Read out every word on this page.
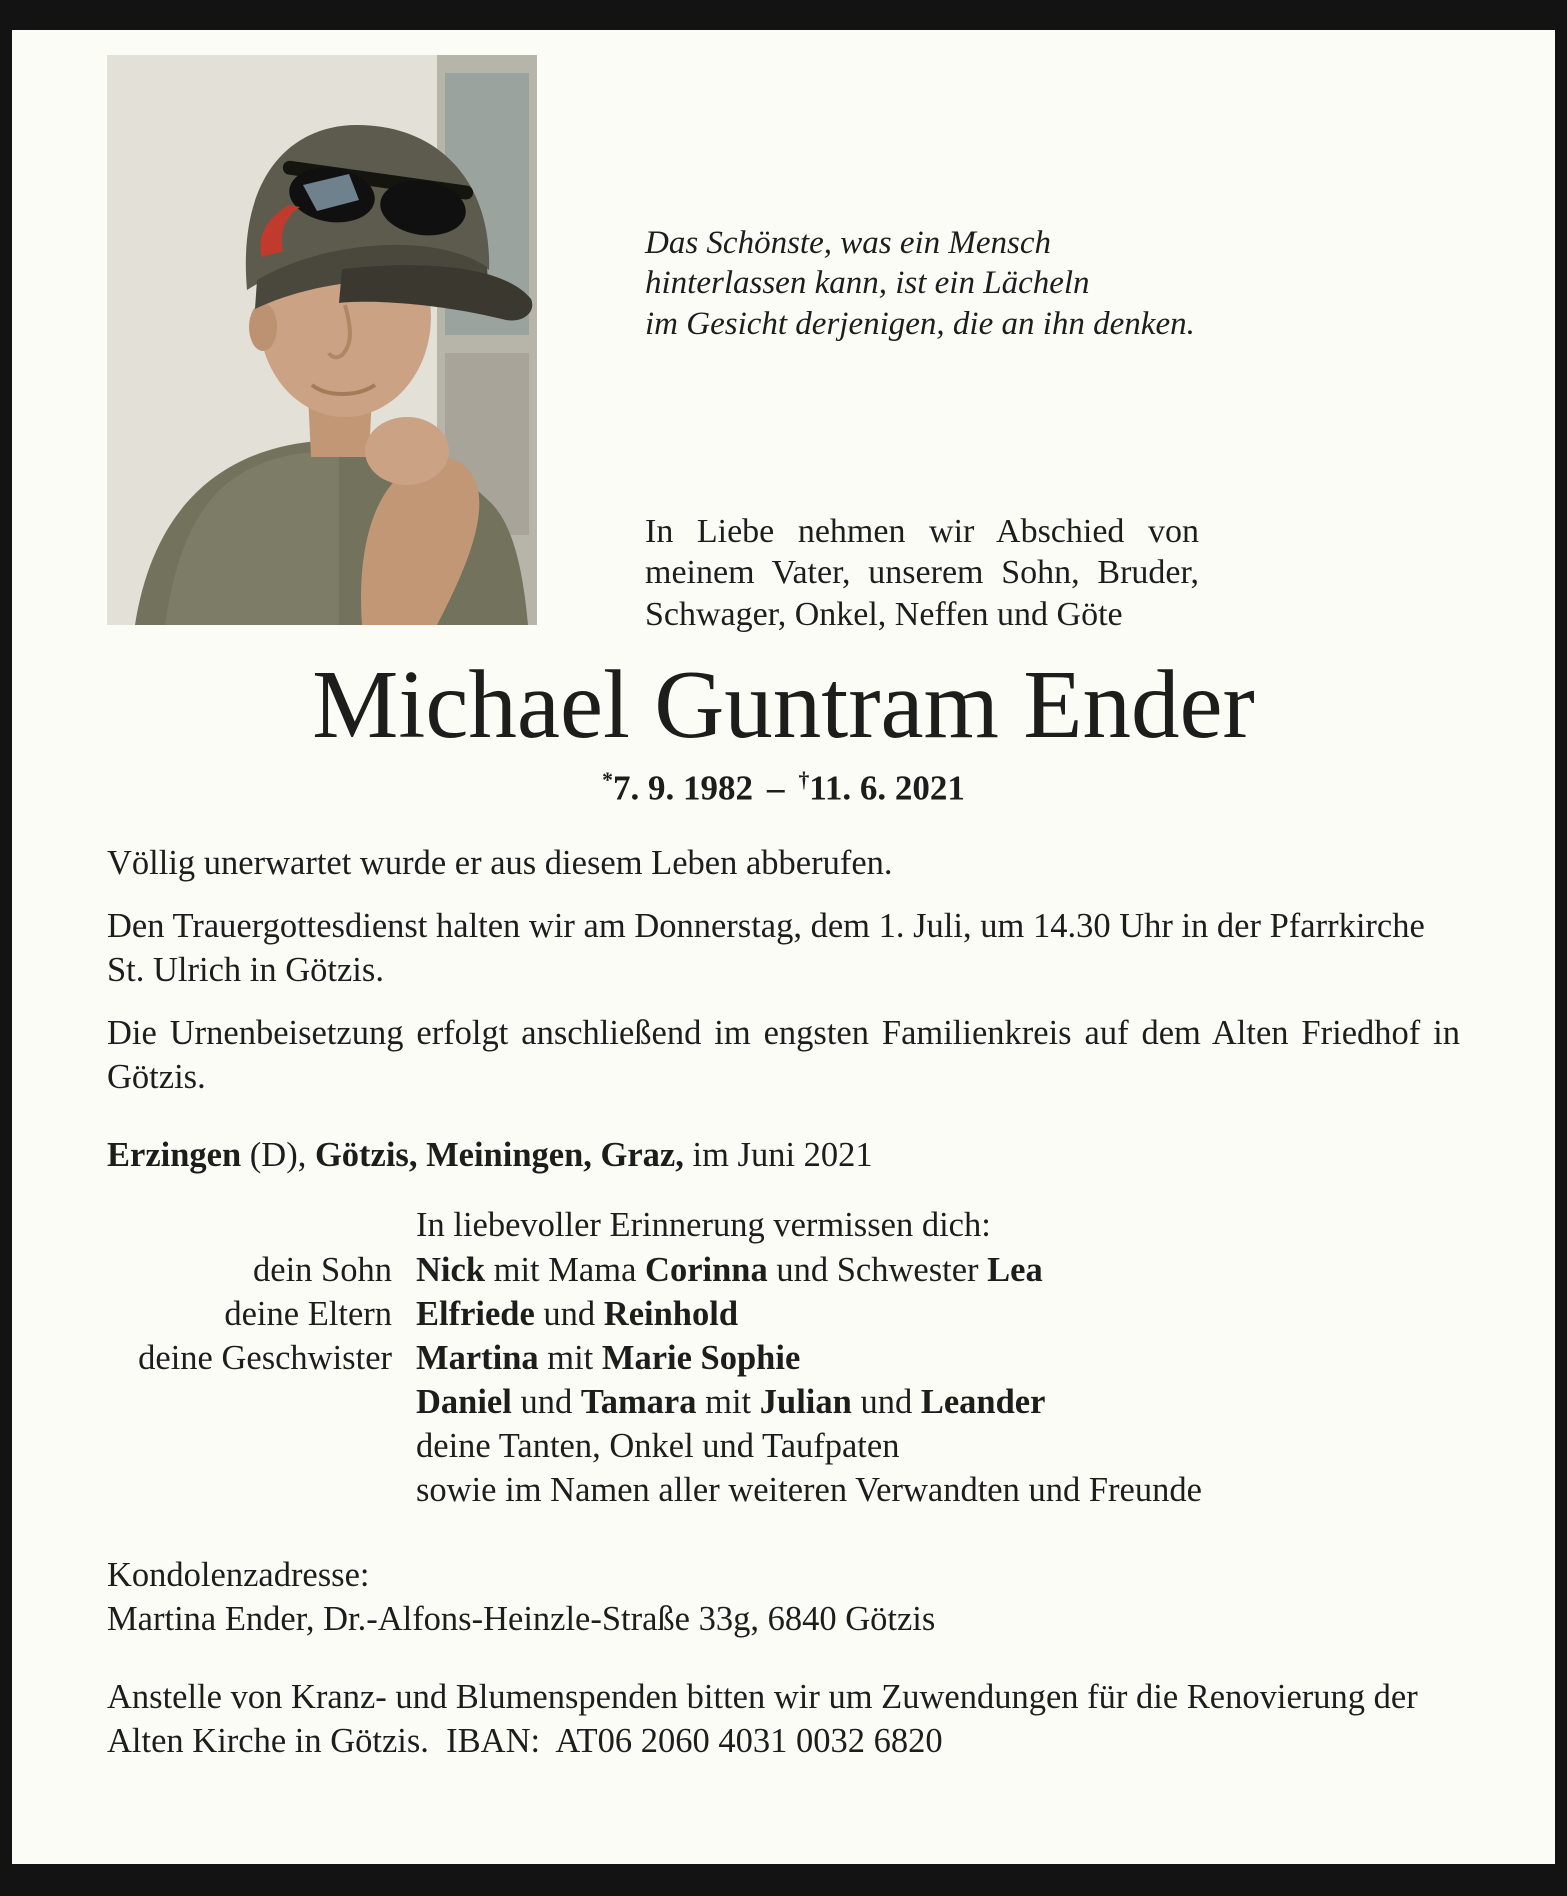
Das Schönste, was ein Mensch
hinterlassen kann, ist ein Lächeln
im Gesicht derjenigen, die an ihn denken.
In Liebe nehmen wir Abschied von meinem Vater, unserem Sohn, Bruder, Schwager, Onkel, Neffen und Göte
Michael Guntram Ender
*7. 9. 1982 – †11. 6. 2021

Völlig unerwartet wurde er aus diesem Leben abberufen.

Den Trauergottesdienst halten wir am Donnerstag, dem 1. Juli, um 14.30 Uhr in der Pfarrkirche St. Ulrich in Götzis.

Die Urnenbeisetzung erfolgt anschließend im engsten Familienkreis auf dem Alten Friedhof in Götzis.

Erzingen (D), Götzis, Meiningen, Graz, im Juni 2021
In liebevoller Erinnerung vermissen dich:
dein Sohn Nick mit Mama Corinna und Schwester Lea
deine Eltern Elfriede und Reinhold
deine Geschwister Martina mit Marie Sophie
Daniel und Tamara mit Julian und Leander
deine Tanten, Onkel und Taufpaten
sowie im Namen aller weiteren Verwandten und Freunde
Kondolenzadresse:
Martina Ender, Dr.-Alfons-Heinzle-Straße 33g, 6840 Götzis
Anstelle von Kranz- und Blumenspenden bitten wir um Zuwendungen für die Renovierung der Alten Kirche in Götzis.  IBAN:  AT06 2060 4031 0032 6820
